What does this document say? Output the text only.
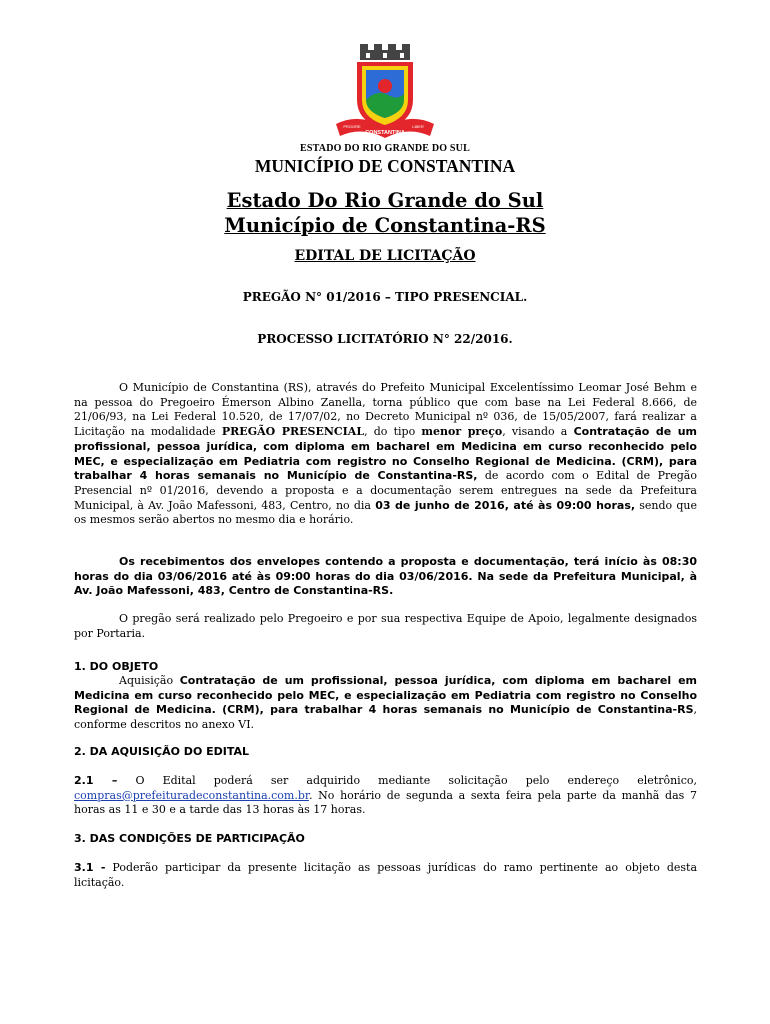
CONSTANTINA
PROGRE	LIBER
ESTADO DO RIO GRANDE DO SUL
MUNICÍPIO DE CONSTANTINA
Estado Do Rio Grande do Sul
Município de Constantina-RS
EDITAL DE LICITAÇÃO
PREGÃO N° 01/2016 – TIPO PRESENCIAL.
PROCESSO LICITATÓRIO N° 22/2016.

O Município de Constantina (RS), através do Prefeito Municipal Excelentíssimo Leomar José Behm e na pessoa do Pregoeiro Émerson Albino Zanella, torna público que com base na Lei Federal 8.666, de 21/06/93, na Lei Federal 10.520, de 17/07/02, no Decreto Municipal nº 036, de 15/05/2007, fará realizar a Licitação na modalidade PREGÃO PRESENCIAL, do tipo menor preço, visando a Contratação de um profissional, pessoa jurídica, com diploma em bacharel em Medicina em curso reconhecido pelo MEC, e especialização em Pediatria com registro no Conselho Regional de Medicina. (CRM), para trabalhar 4 horas semanais no Município de Constantina-RS, de acordo com o Edital de Pregão Presencial nº 01/2016, devendo a proposta e a documentação serem entregues na sede da Prefeitura Municipal, à Av. João Mafessoni, 483, Centro, no dia 03 de junho de 2016, até às 09:00 horas, sendo que os mesmos serão abertos no mesmo dia e horário.

Os recebimentos dos envelopes contendo a proposta e documentação, terá início às 08:30 horas do dia 03/06/2016 até às 09:00 horas do dia 03/06/2016. Na sede da Prefeitura Municipal, à Av. João Mafessoni, 483, Centro de Constantina-RS.

O pregão será realizado pelo Pregoeiro e por sua respectiva Equipe de Apoio, legalmente designados por Portaria.

1. DO OBJETO

Aquisição Contratação de um profissional, pessoa jurídica, com diploma em bacharel em Medicina em curso reconhecido pelo MEC, e especialização em Pediatria com registro no Conselho Regional de Medicina. (CRM), para trabalhar 4 horas semanais no Município de Constantina-RS, conforme descritos no anexo VI.

2. DA AQUISIÇÃO DO EDITAL

2.1 – O Edital poderá ser adquirido mediante solicitação pelo endereço eletrônico, compras@prefeituradeconstantina.com.br. No horário de segunda a sexta feira pela parte da manhã das 7 horas as 11 e 30 e a tarde das 13 horas às 17 horas.

3. DAS CONDIÇÕES DE PARTICIPAÇÃO

3.1 - Poderão participar da presente licitação as pessoas jurídicas do ramo pertinente ao objeto desta licitação.
